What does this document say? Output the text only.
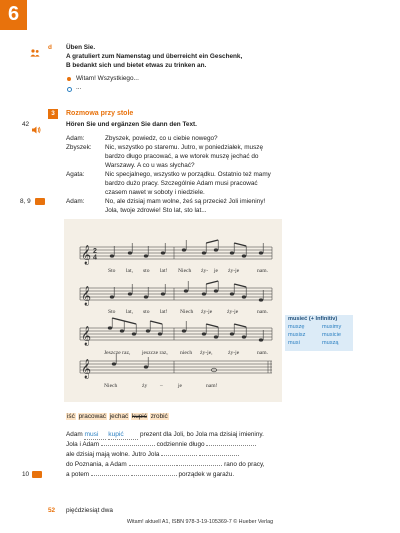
6
d Üben Sie.
A gratuliert zum Namenstag und überreicht ein Geschenk,
B bedankt sich und bietet etwas zu trinken an.
Witam! Wszystkiego...
...
3	Rozmowa przy stole
42	Hören Sie und ergänzen Sie dann den Text.
Adam:	Zbyszek, powiedz, co u ciebie nowego?
Zbyszek: Nic, wszystko po staremu. Jutro, w poniedziałek, muszę
bardzo długo pracować, a we wtorek muszę jechać do
Warszawy. A co u was słychać?
Agata:	Nic specjalnego, wszystko w porządku. Ostatnio też mamy
bardzo dużo pracy. Szczególnie Adam musi pracować
czasem nawet w soboty i niedziele.
8, 9	Adam:	No, ale dzisiaj mam wolne, żeś są przecież Joli imieniny!
Jola, twoje zdrowie! Sto lat, sto lat...
𝄞 2
4
Sto lat, sto lat! Niech ży- je ży-je	nam.
𝄞
Sto lat, sto lat! Niech ży-je	ży-je	nam.
𝄞
Jeszcze raz, jeszcze raz, niech ży-je,	ży-je	nam.
𝄞
Niech	ży –	je	nam!
musieć (+ Infinitiv)
muszę	musimy
musisz	musicie
musi	muszą
iść pracować jechać kupić zrobić
Adam musi kupić	prezent dla Joli, bo Jola ma dzisiaj imieniny.
Jola i Adam	codziennie długo
ale dzisiaj mają wolne. Jutro Jola
do Poznania, a Adam	rano do pracy,
10	a potem	porządek w garażu.
52 pięćdziesiąt dwa
Witam! aktuell A1, ISBN 978-3-19-105369-7 © Hueber Verlag
